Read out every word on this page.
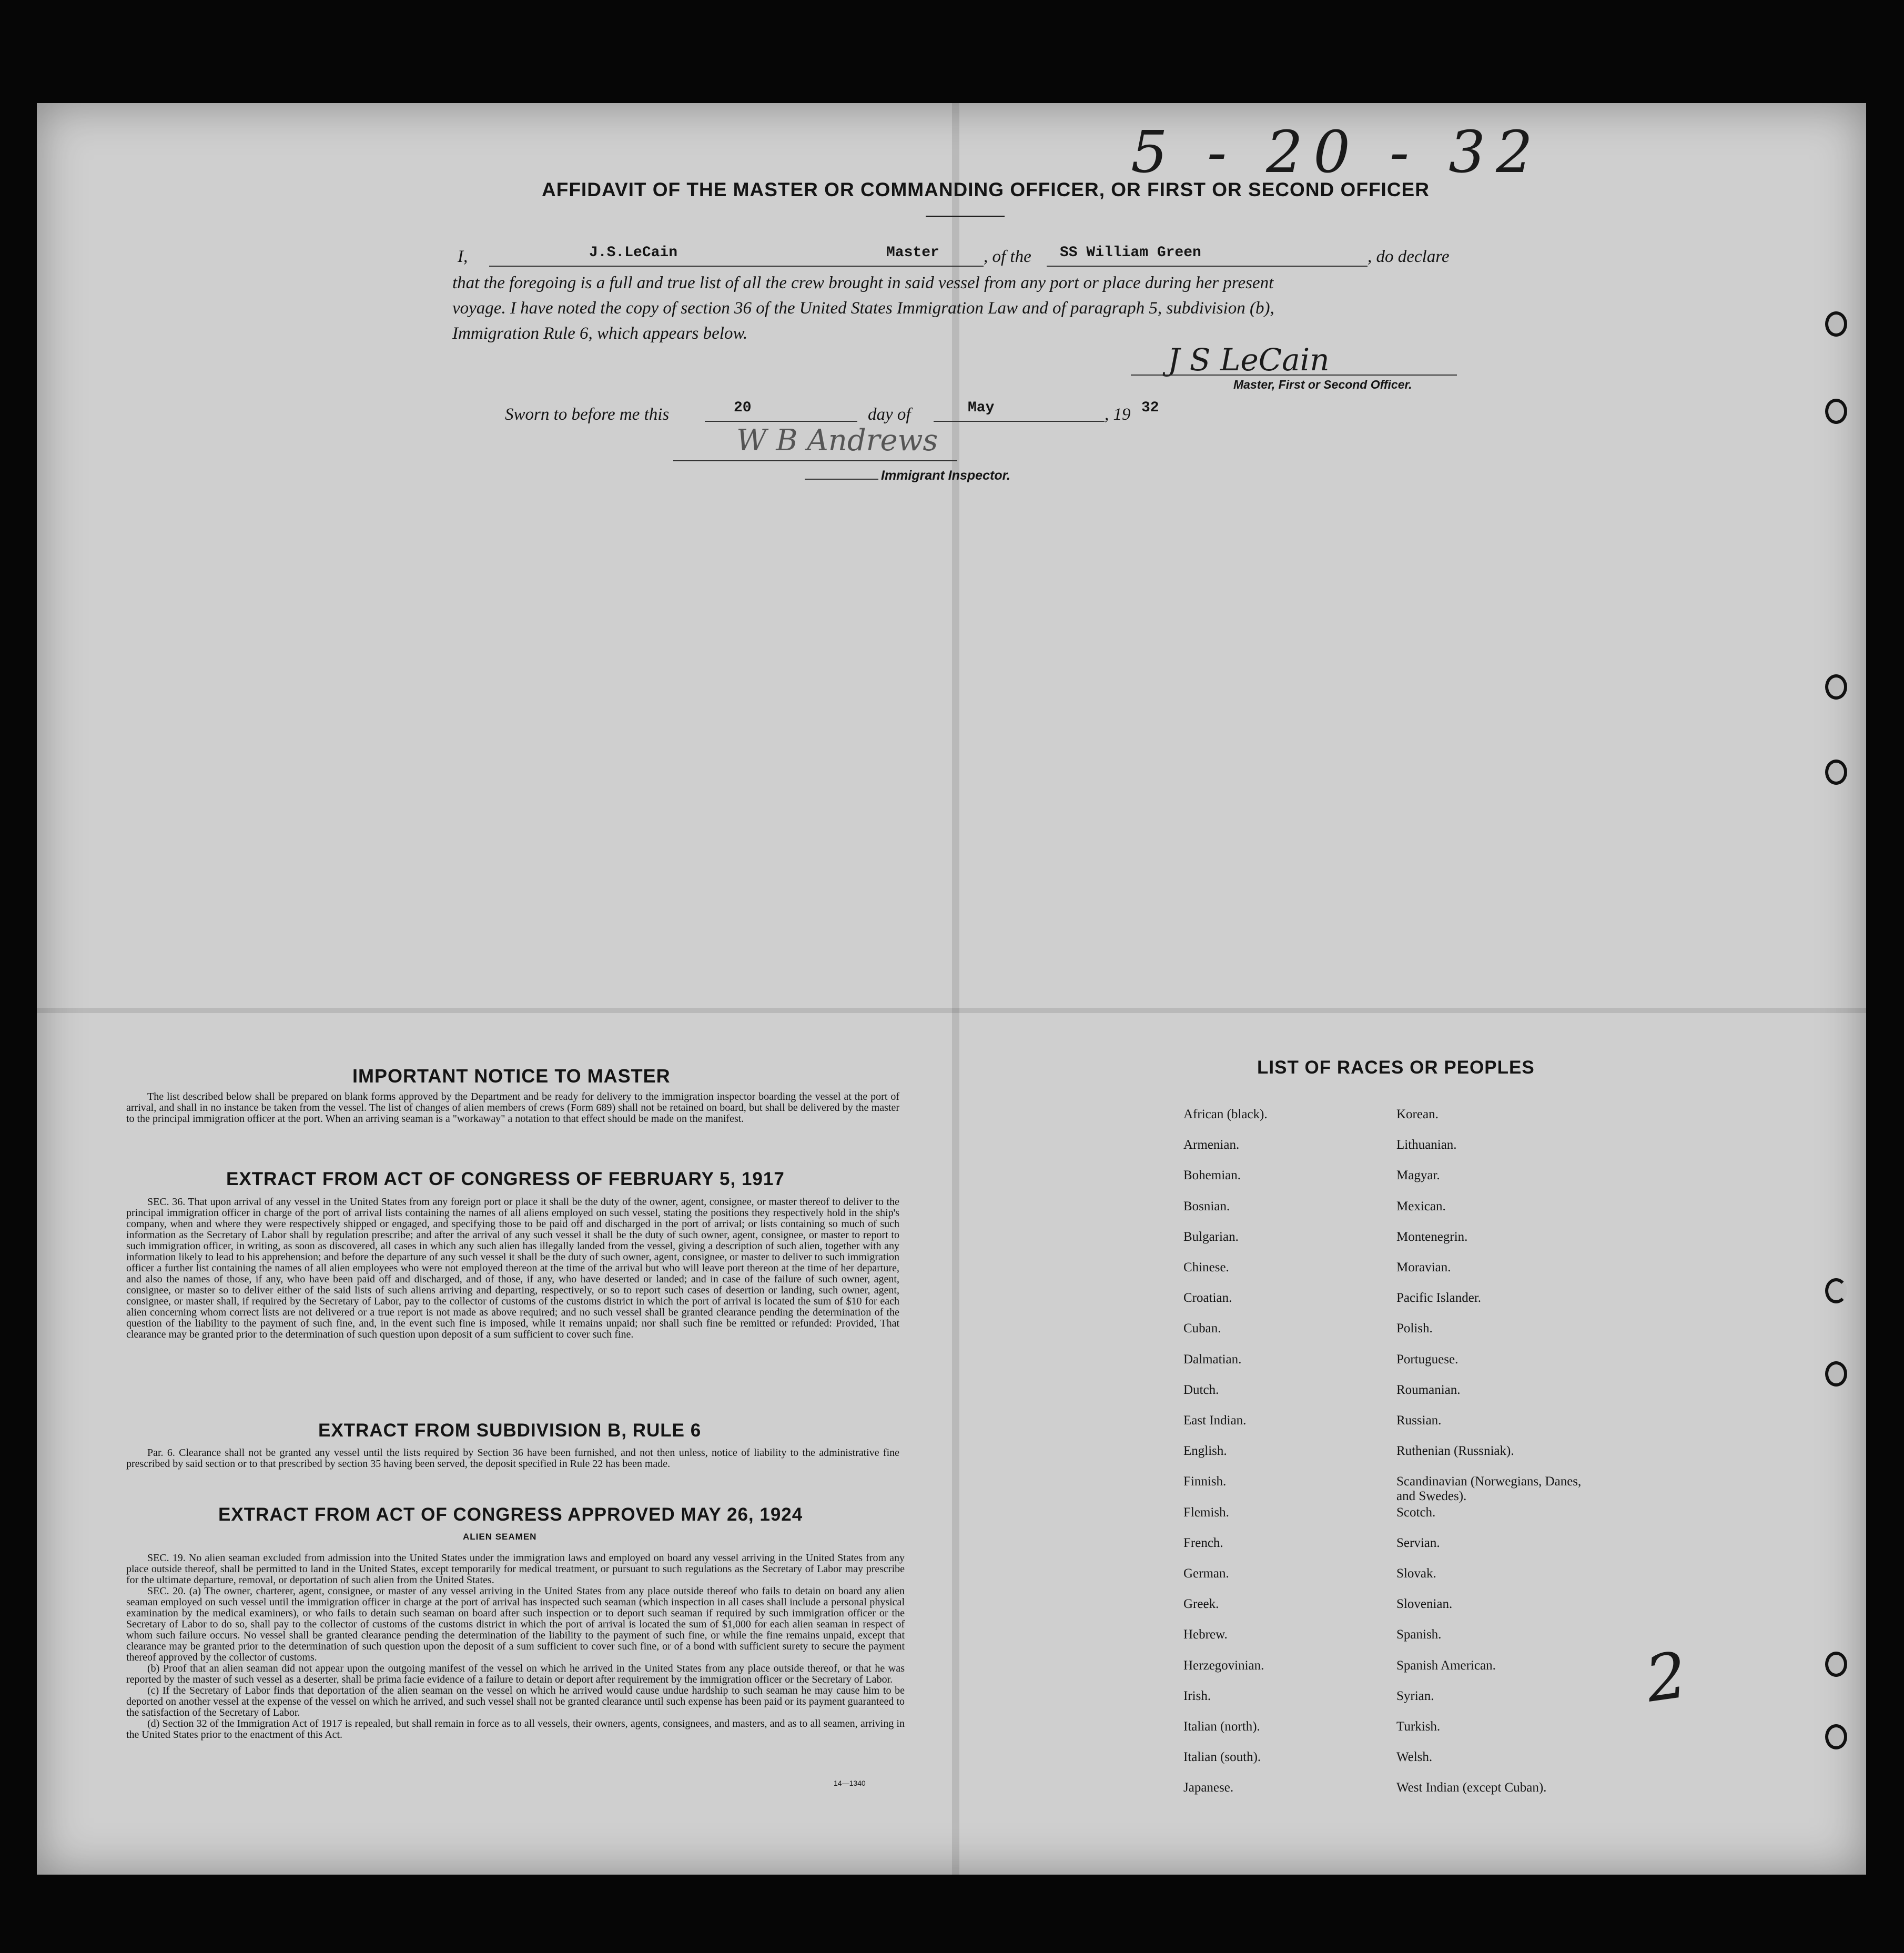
5 - 20 - 32
AFFIDAVIT OF THE MASTER OR COMMANDING OFFICER, OR FIRST OR SECOND OFFICER
I,	J.S.LeCain	Master	, of the SS William Green	, do declare
that the foregoing is a full and true list of all the crew brought in said vessel from any port or place during her present
voyage. I have noted the copy of section 36 of the United States Immigration Law and of paragraph 5, subdivision (b),
Immigration Rule 6, which appears below.
J S LeCain
Master, First or Second Officer.
Sworn to before me this	20	day of	May	, 19 32
W B Andrews
Immigrant Inspector.
IMPORTANT NOTICE TO MASTER

The list described below shall be prepared on blank forms approved by the Department and be ready for delivery to the immigration inspector boarding the vessel at the port of arrival, and shall in no instance be taken from the vessel. The list of changes of alien members of crews (Form 689) shall not be retained on board, but shall be delivered by the master to the principal immigration officer at the port. When an arriving seaman is a "workaway" a notation to that effect should be made on the manifest.

EXTRACT FROM ACT OF CONGRESS OF FEBRUARY 5, 1917

SEC. 36. That upon arrival of any vessel in the United States from any foreign port or place it shall be the duty of the owner, agent, consignee, or master thereof to deliver to the principal immigration officer in charge of the port of arrival lists containing the names of all aliens employed on such vessel, stating the positions they respectively hold in the ship's company, when and where they were respectively shipped or engaged, and specifying those to be paid off and discharged in the port of arrival; or lists containing so much of such information as the Secretary of Labor shall by regulation prescribe; and after the arrival of any such vessel it shall be the duty of such owner, agent, consignee, or master to report to such immigration officer, in writing, as soon as discovered, all cases in which any such alien has illegally landed from the vessel, giving a description of such alien, together with any information likely to lead to his apprehension; and before the departure of any such vessel it shall be the duty of such owner, agent, consignee, or master to deliver to such immigration officer a further list containing the names of all alien employees who were not employed thereon at the time of the arrival but who will leave port thereon at the time of her departure, and also the names of those, if any, who have been paid off and discharged, and of those, if any, who have deserted or landed; and in case of the failure of such owner, agent, consignee, or master so to deliver either of the said lists of such aliens arriving and departing, respectively, or so to report such cases of desertion or landing, such owner, agent, consignee, or master shall, if required by the Secretary of Labor, pay to the collector of customs of the customs district in which the port of arrival is located the sum of $10 for each alien concerning whom correct lists are not delivered or a true report is not made as above required; and no such vessel shall be granted clearance pending the determination of the question of the liability to the payment of such fine, and, in the event such fine is imposed, while it remains unpaid; nor shall such fine be remitted or refunded: Provided, That clearance may be granted prior to the determination of such question upon deposit of a sum sufficient to cover such fine.

EXTRACT FROM SUBDIVISION B, RULE 6

Par. 6. Clearance shall not be granted any vessel until the lists required by Section 36 have been furnished, and not then unless, notice of liability to the administrative fine prescribed by said section or to that prescribed by section 35 having been served, the deposit specified in Rule 22 has been made.

EXTRACT FROM ACT OF CONGRESS APPROVED MAY 26, 1924
ALIEN SEAMEN

SEC. 19. No alien seaman excluded from admission into the United States under the immigration laws and employed on board any vessel arriving in the United States from any place outside thereof, shall be permitted to land in the United States, except temporarily for medical treatment, or pursuant to such regulations as the Secretary of Labor may prescribe for the ultimate departure, removal, or deportation of such alien from the United States.

SEC. 20. (a) The owner, charterer, agent, consignee, or master of any vessel arriving in the United States from any place outside thereof who fails to detain on board any alien seaman employed on such vessel until the immigration officer in charge at the port of arrival has inspected such seaman (which inspection in all cases shall include a personal physical examination by the medical examiners), or who fails to detain such seaman on board after such inspection or to deport such seaman if required by such immigration officer or the Secretary of Labor to do so, shall pay to the collector of customs of the customs district in which the port of arrival is located the sum of $1,000 for each alien seaman in respect of whom such failure occurs. No vessel shall be granted clearance pending the determination of the liability to the payment of such fine, or while the fine remains unpaid, except that clearance may be granted prior to the determination of such question upon the deposit of a sum sufficient to cover such fine, or of a bond with sufficient surety to secure the payment thereof approved by the collector of customs.

(b) Proof that an alien seaman did not appear upon the outgoing manifest of the vessel on which he arrived in the United States from any place outside thereof, or that he was reported by the master of such vessel as a deserter, shall be prima facie evidence of a failure to detain or deport after requirement by the immigration officer or the Secretary of Labor.

(c) If the Secretary of Labor finds that deportation of the alien seaman on the vessel on which he arrived would cause undue hardship to such seaman he may cause him to be deported on another vessel at the expense of the vessel on which he arrived, and such vessel shall not be granted clearance until such expense has been paid or its payment guaranteed to the satisfaction of the Secretary of Labor.

(d) Section 32 of the Immigration Act of 1917 is repealed, but shall remain in force as to all vessels, their owners, agents, consignees, and masters, and as to all seamen, arriving in the United States prior to the enactment of this Act.

14—1340
LIST OF RACES OR PEOPLES
African (black).
Armenian.
Bohemian.
Bosnian.
Bulgarian.
Chinese.
Croatian.
Cuban.
Dalmatian.
Dutch.
East Indian.
English.
Finnish.
Flemish.
French.
German.
Greek.
Hebrew.
Herzegovinian.
Irish.
Italian (north).
Italian (south).
Japanese.
Korean.
Lithuanian.
Magyar.
Mexican.
Montenegrin.
Moravian.
Pacific Islander.
Polish.
Portuguese.
Roumanian.
Russian.
Ruthenian (Russniak).
Scandinavian (Norwegians, Danes, and Swedes).
Scotch.
Servian.
Slovak.
Slovenian.
Spanish.
Spanish American.
Syrian.
Turkish.
Welsh.
West Indian (except Cuban).
2
